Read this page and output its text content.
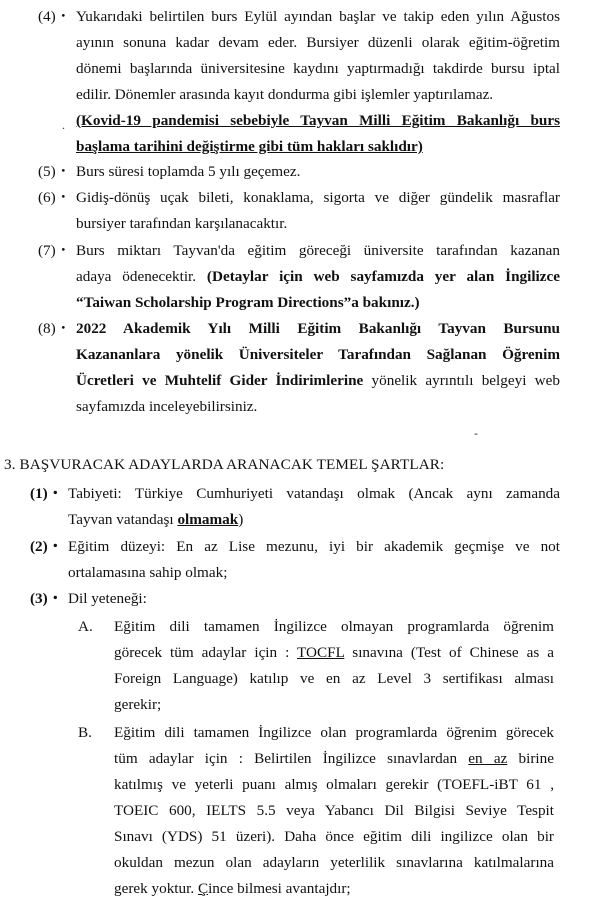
(4) ･ Yukarıdaki belirtilen burs Eylül ayından başlar ve takip eden yılın Ağustos
ayının sonuna kadar devam eder. Bursiyer düzenli olarak eğitim-öğretim
dönemi başlarında üniversitesine kaydını yaptırmadığı takdirde bursu iptal
edilir. Dönemler arasında kayıt dondurma gibi işlemler yaptırılamaz.
(Kovid-19 pandemisi sebebiyle Tayvan Milli Eğitim Bakanlığı burs
başlama tarihini değiştirme gibi tüm hakları saklıdır)
.
(5) ･ Burs süresi toplamda 5 yılı geçemez.
(6) ･ Gidiş-dönüş uçak bileti, konaklama, sigorta ve diğer gündelik masraflar
bursiyer tarafından karşılanacaktır.
(7) ･ Burs miktarı Tayvan'da eğitim göreceği üniversite tarafından kazanan
adaya ödenecektir. (Detaylar için web sayfamızda yer alan İngilizce
“Taiwan Scholarship Program Directions”a bakınız.)
(8) ･ 2022 Akademik Yılı Milli Eğitim Bakanlığı Tayvan Bursunu
Kazananlara yönelik Üniversiteler Tarafından Sağlanan Öğrenim
Ücretleri ve Muhtelif Gider İndirimlerine yönelik ayrıntılı belgeyi web
sayfamızda inceleyebilirsiniz.
-
3. BAŞVURACAK ADAYLARDA ARANACAK TEMEL ŞARTLAR:
(1) ･ Tabiyeti: Türkiye Cumhuriyeti vatandaşı olmak (Ancak aynı zamanda
Tayvan vatandaşı olmamak)
(2) ･ Eğitim düzeyi: En az Lise mezunu, iyi bir akademik geçmişe ve not
ortalamasına sahip olmak;
(3) ･ Dil yeteneği:
A. Eğitim dili tamamen İngilizce olmayan programlarda öğrenim
görecek tüm adaylar için : TOCFL sınavına (Test of Chinese as a
Foreign Language) katılıp ve en az Level 3 sertifikası alması
gerekir;
B. Eğitim dili tamamen İngilizce olan programlarda öğrenim görecek
tüm adaylar için : Belirtilen İngilizce sınavlardan en az birine
katılmış ve yeterli puanı almış olmaları gerekir (TOEFL-iBT 61 ,
TOEIC 600, IELTS 5.5 veya Yabancı Dil Bilgisi Seviye Tespit
Sınavı (YDS) 51 üzeri). Daha önce eğitim dili ingilizce olan bir
okuldan mezun olan adayların yeterlilik sınavlarına katılmalarına
gerek yoktur. Çince bilmesi avantajdır;
